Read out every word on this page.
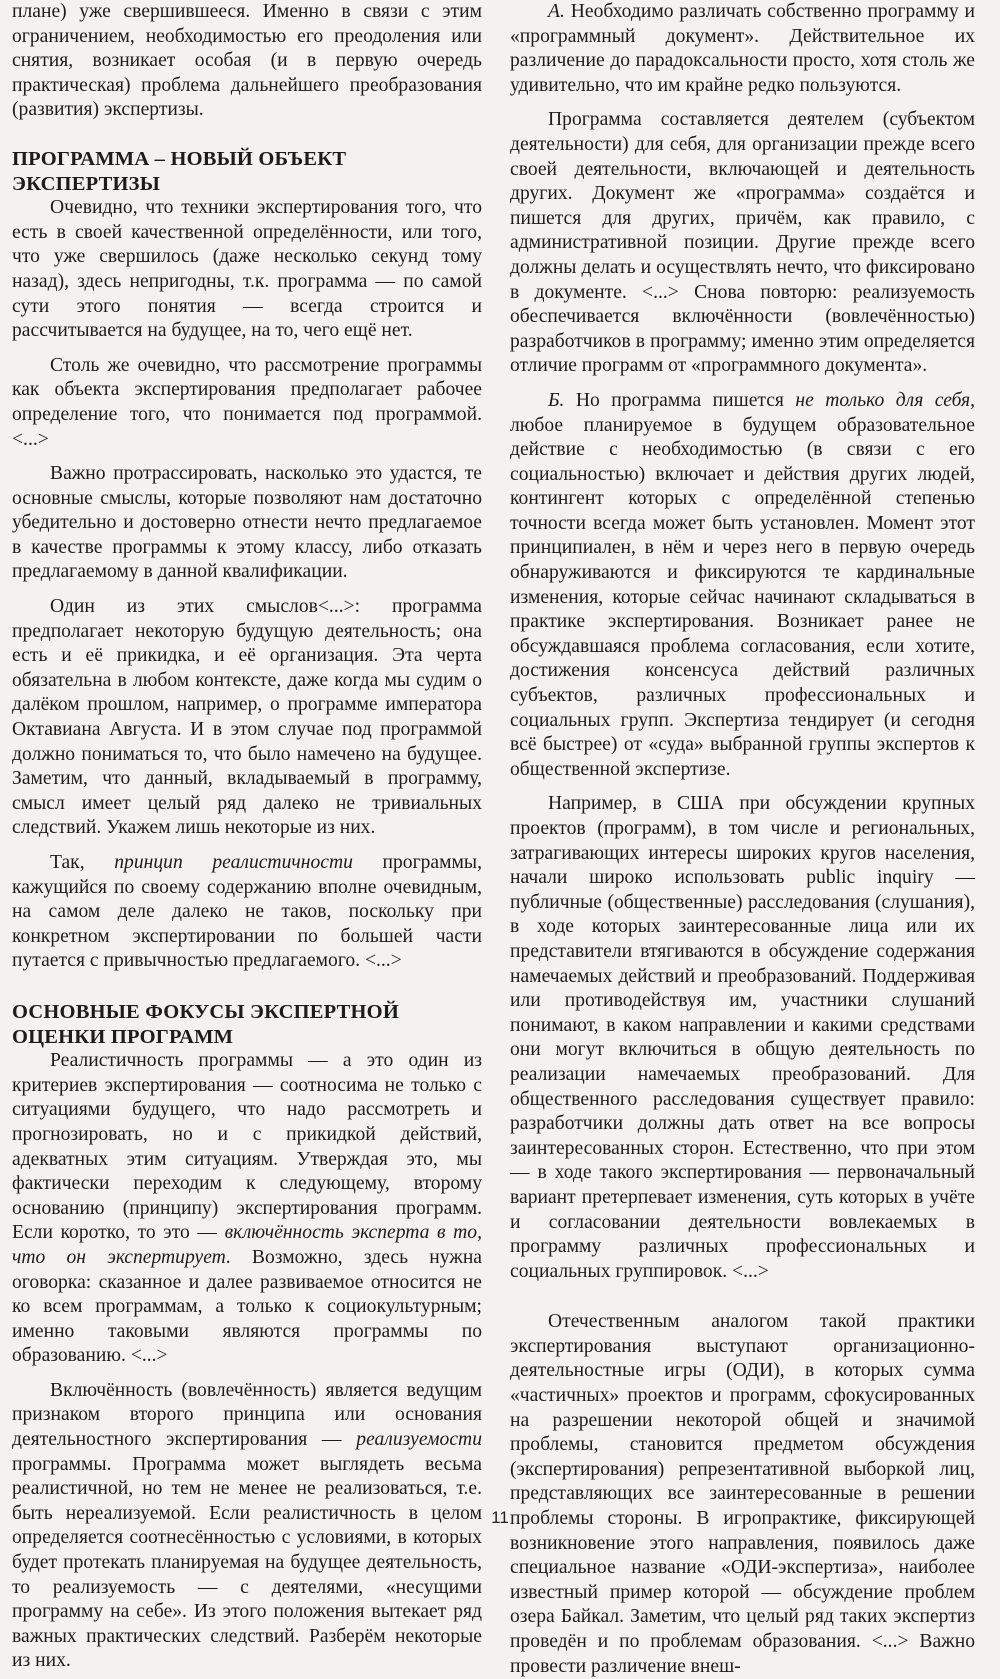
плане) уже свершившееся. Именно в связи с этим ограничением, необходимостью его преодоления или снятия, возникает особая (и в первую очередь практическая) проблема дальнейшего преобразования (развития) экспертизы.

ПРОГРАММА – НОВЫЙ ОБЪЕКТ ЭКСПЕРТИЗЫ

Очевидно, что техники экспертирования того, что есть в своей качественной определённости, или того, что уже свершилось (даже несколько секунд тому назад), здесь непригодны, т.к. программа — по самой сути этого понятия — всегда строится и рассчитывается на будущее, на то, чего ещё нет.

Столь же очевидно, что рассмотрение программы как объекта экспертирования предполагает рабочее определение того, что понимается под программой. <...>

Важно протрассировать, насколько это удастся, те основные смыслы, которые позволяют нам достаточно убедительно и достоверно отнести нечто предлагаемое в качестве программы к этому классу, либо отказать предлагаемому в данной квалификации.

Один из этих смыслов<...>: программа предполагает некоторую будущую деятельность; она есть и её прикидка, и её организация. Эта черта обязательна в любом контексте, даже когда мы судим о далёком прошлом, например, о программе императора Октавиана Августа. И в этом случае под программой должно пониматься то, что было намечено на будущее. Заметим, что данный, вкладываемый в программу, смысл имеет целый ряд далеко не тривиальных следствий. Укажем лишь некоторые из них.

Так, принцип реалистичности программы, кажущийся по своему содержанию вполне очевидным, на самом деле далеко не таков, поскольку при конкретном экспертировании по большей части путается с привычностью предлагаемого. <...>

ОСНОВНЫЕ ФОКУСЫ ЭКСПЕРТНОЙ ОЦЕНКИ ПРОГРАММ

Реалистичность программы — а это один из критериев экспертирования — соотносима не только с ситуациями будущего, что надо рассмотреть и прогнозировать, но и с прикидкой действий, адекватных этим ситуациям. Утверждая это, мы фактически переходим к следующему, второму основанию (принципу) экспертирования программ. Если коротко, то это — включённость эксперта в то, что он экспертирует. Возможно, здесь нужна оговорка: сказанное и далее развиваемое относится не ко всем программам, а только к социокультурным; именно таковыми являются программы по образованию. <...>

Включённость (вовлечённость) является ведущим признаком второго принципа или основания деятельностного экспертирования — реализуемости программы. Программа может выглядеть весьма реалистичной, но тем не менее не реализоваться, т.е. быть нереализуемой. Если реалистичность в целом определяется соотнесённостью с условиями, в которых будет протекать планируемая на будущее деятельность, то реализуемость — с деятелями, «несущими программу на себе». Из этого положения вытекает ряд важных практических следствий. Разберём некоторые из них.

А. Необходимо различать собственно программу и «программный документ». Действительное их различение до парадоксальности просто, хотя столь же удивительно, что им крайне редко пользуются.

Программа составляется деятелем (субъектом деятельности) для себя, для организации прежде всего своей деятельности, включающей и деятельность других. Документ же «программа» создаётся и пишется для других, причём, как правило, с административной позиции. Другие прежде всего должны делать и осуществлять нечто, что фиксировано в документе. <...> Снова повторю: реализуемость обеспечивается включённости (вовлечённостью) разработчиков в программу; именно этим определяется отличие программ от «программного документа».

Б. Но программа пишется не только для себя, любое планируемое в будущем образовательное действие с необходимостью (в связи с его социальностью) включает и действия других людей, контингент которых с определённой степенью точности всегда может быть установлен. Момент этот принципиален, в нём и через него в первую очередь обнаруживаются и фиксируются те кардинальные изменения, которые сейчас начинают складываться в практике экспертирования. Возникает ранее не обсуждавшаяся проблема согласования, если хотите, достижения консенсуса действий различных субъектов, различных профессиональных и социальных групп. Экспертиза тендирует (и сегодня всё быстрее) от «суда» выбранной группы экспертов к общественной экспертизе.

Например, в США при обсуждении крупных проектов (программ), в том числе и региональных, затрагивающих интересы широких кругов населения, начали широко использовать public inquiry — публичные (общественные) расследования (слушания), в ходе которых заинтересованные лица или их представители втягиваются в обсуждение содержания намечаемых действий и преобразований. Поддерживая или противодействуя им, участники слушаний понимают, в каком направлении и какими средствами они могут включиться в общую деятельность по реализации намечаемых преобразований. Для общественного расследования существует правило: разработчики должны дать ответ на все вопросы заинтересованных сторон. Естественно, что при этом — в ходе такого экспертирования — первоначальный вариант претерпевает изменения, суть которых в учёте и согласовании деятельности вовлекаемых в программу различных профессиональных и социальных группировок. <...>

Отечественным аналогом такой практики экспертирования выступают организационно-деятельностные игры (ОДИ), в которых сумма «частичных» проектов и программ, сфокусированных на разрешении некоторой общей и значимой проблемы, становится предметом обсуждения (экспертирования) репрезентативной выборкой лиц, представляющих все заинтересованные в решении проблемы стороны. В игропрактике, фиксирующей возникновение этого направления, появилось даже специальное название «ОДИ-экспертиза», наиболее известный пример которой — обсуждение проблем озера Байкал. Заметим, что целый ряд таких экспертиз проведён и по проблемам образования. <...> Важно провести различение внеш-

11
